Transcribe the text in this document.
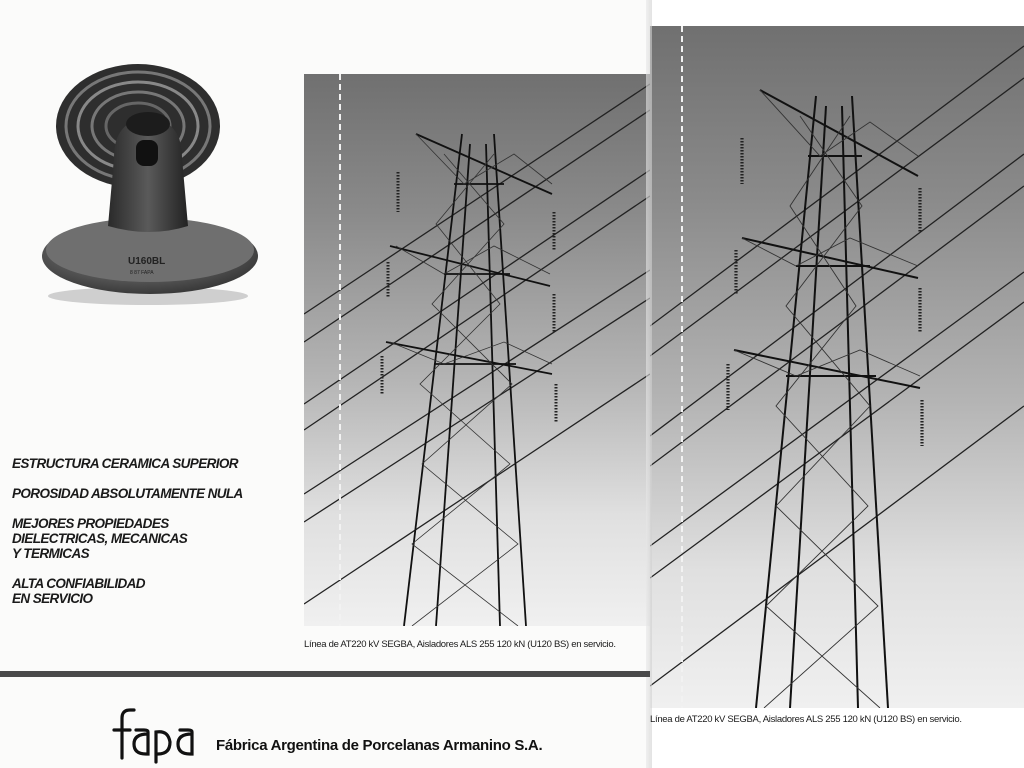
U160BL
8 87 FAPA
ESTRUCTURA CERAMICA SUPERIOR
POROSIDAD ABSOLUTAMENTE NULA
MEJORES PROPIEDADES
DIELECTRICAS, MECANICAS
Y TERMICAS
ALTA CONFIABILIDAD
EN SERVICIO
Línea de AT220 kV SEGBA, Aisladores ALS 255 120 kN (U120 BS) en servicio.
Línea de AT220 kV SEGBA, Aisladores ALS 255 120 kN (U120 BS) en servicio.
Fábrica Argentina de Porcelanas Armanino S.A.
